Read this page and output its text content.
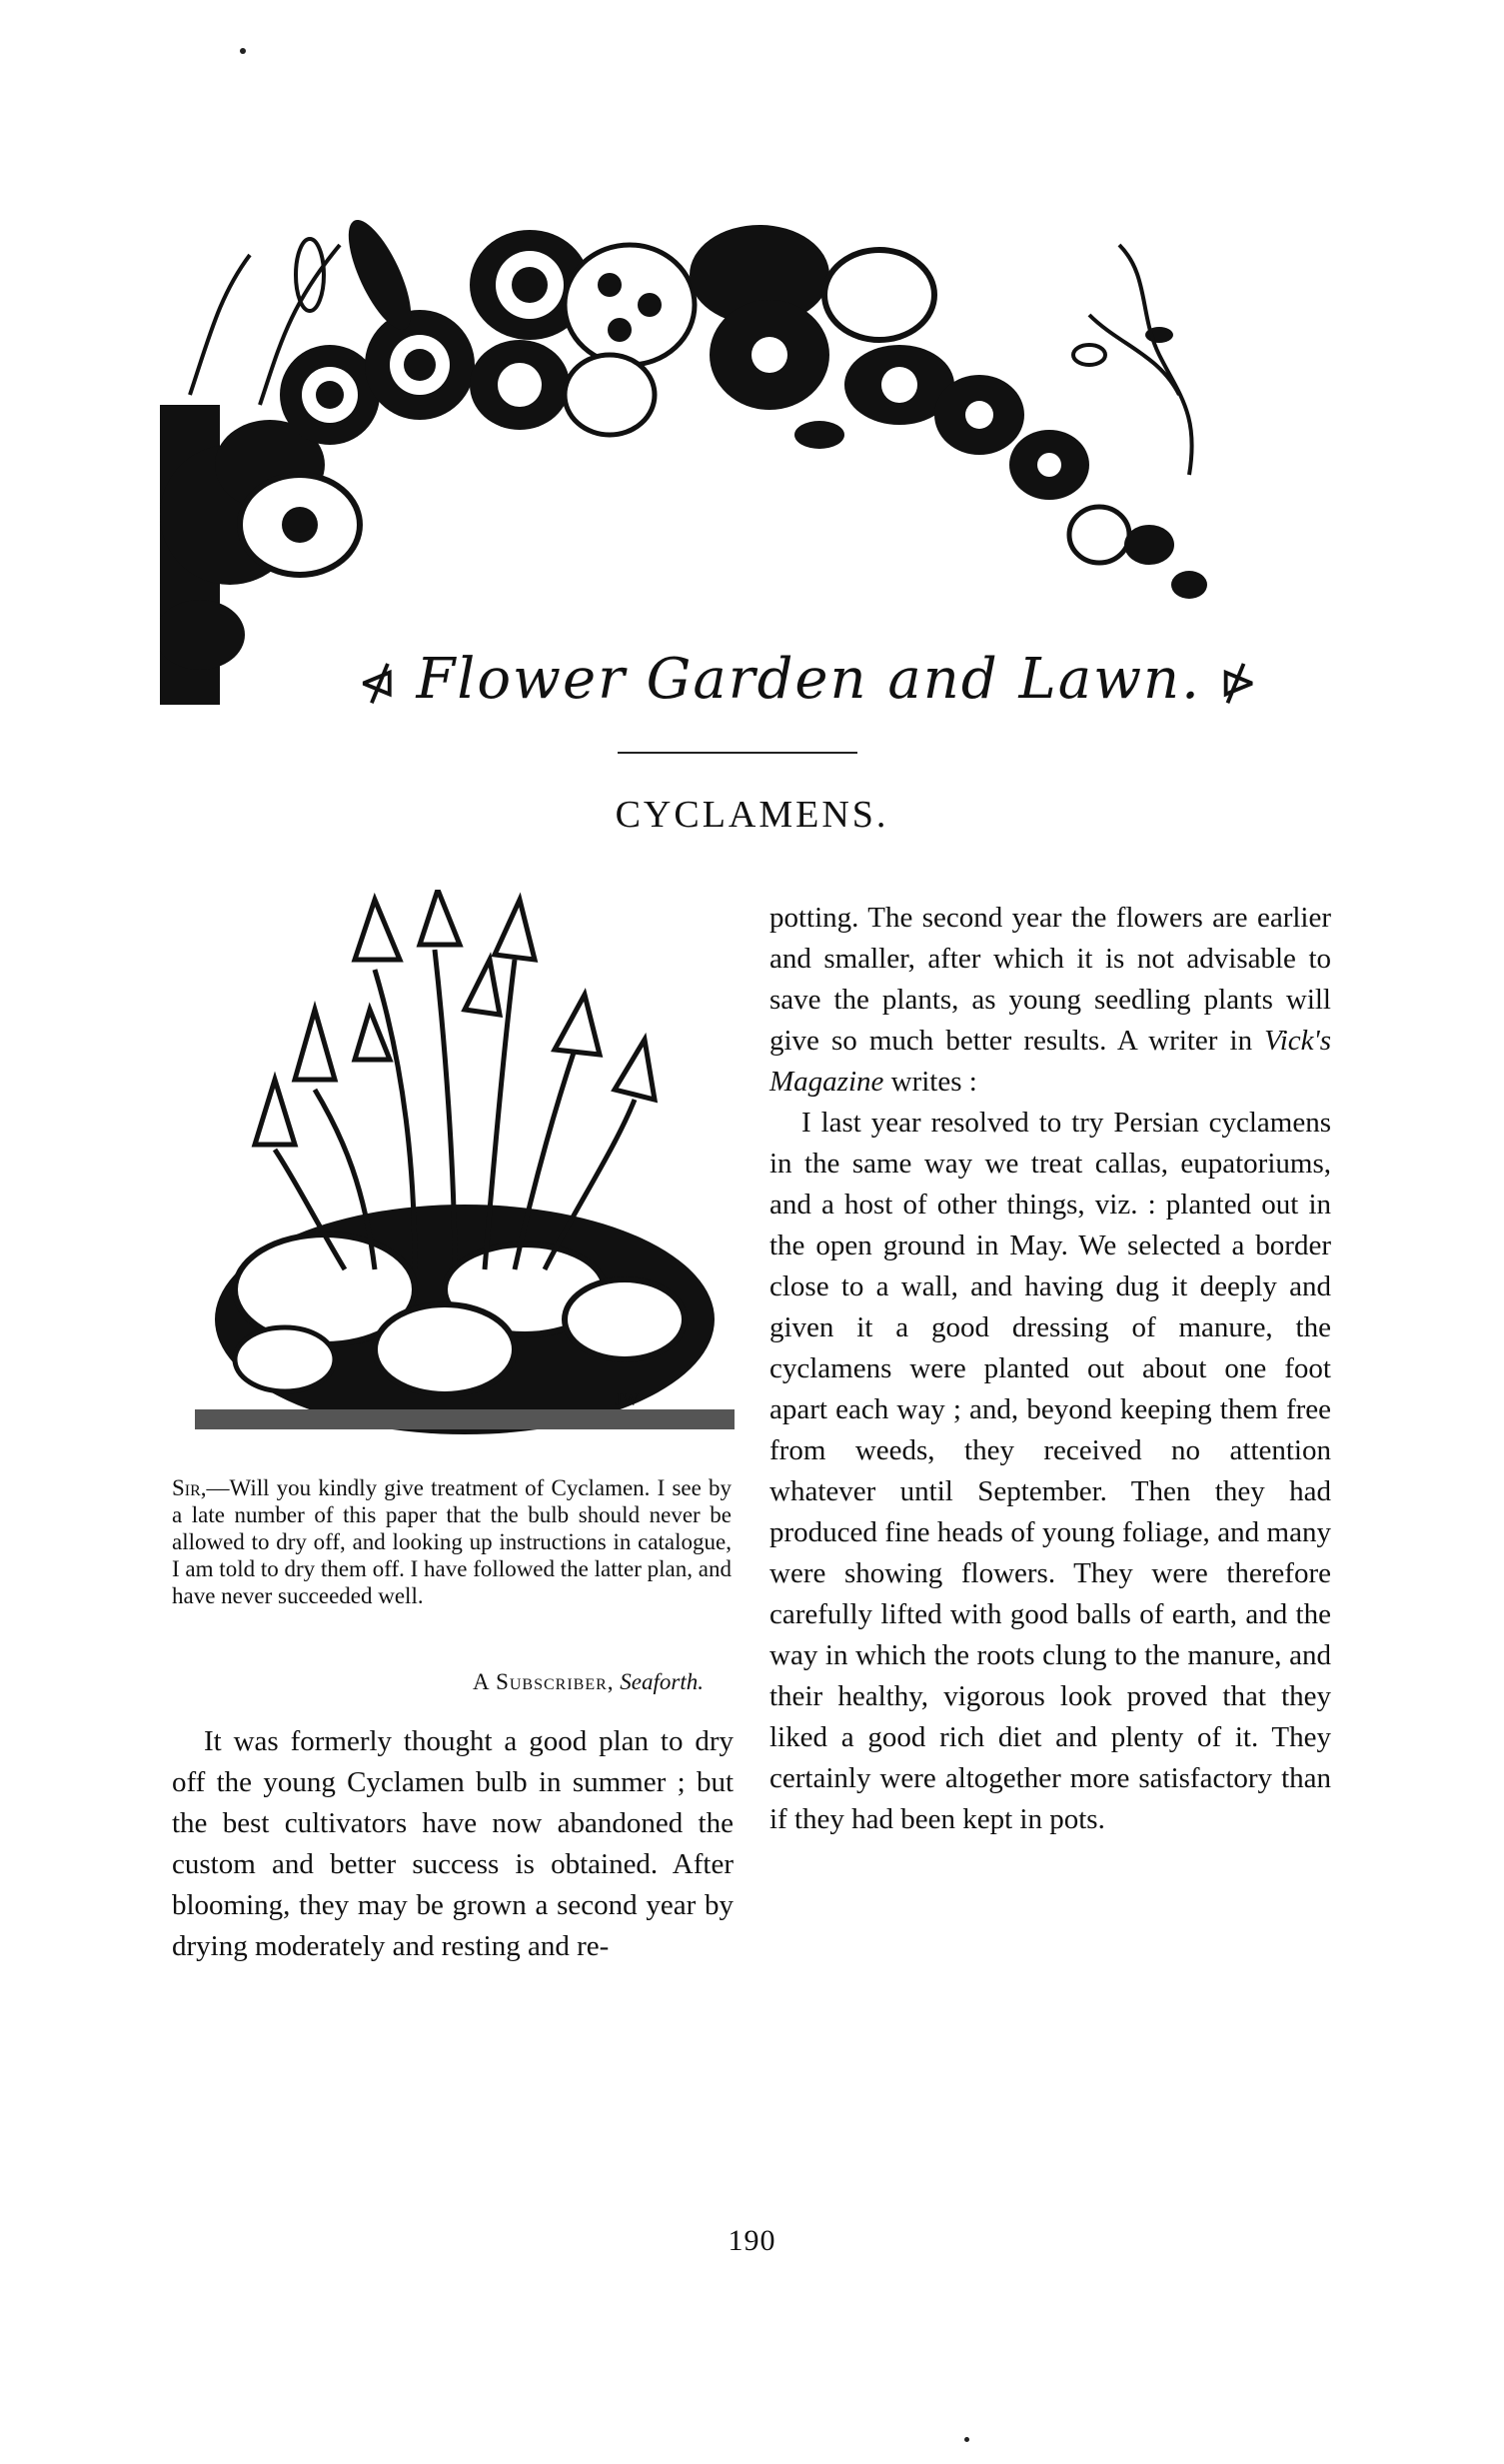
⋪ Flower Garden and Lawn. ⋫
CYCLAMENS.
JW
Sir,—Will you kindly give treatment of Cyclamen. I see by a late number of this paper that the bulb should never be allowed to dry off, and looking up instructions in catalogue, I am told to dry them off. I have followed the latter plan, and have never succeeded well.
A Subscriber, Seaforth.

It was formerly thought a good plan to dry off the young Cyclamen bulb in summer ; but the best cultivators have now abandoned the custom and better success is obtained. After blooming, they may be grown a second year by drying moderately and resting and re-

potting. The second year the flowers are earlier and smaller, after which it is not advisable to save the plants, as young seedling plants will give so much better results. A writer in Vick's Magazine writes :

I last year resolved to try Persian cyclamens in the same way we treat callas, eupatoriums, and a host of other things, viz. : planted out in the open ground in May. We selected a border close to a wall, and having dug it deeply and given it a good dressing of manure, the cyclamens were planted out about one foot apart each way ; and, beyond keeping them free from weeds, they received no attention whatever until September. Then they had produced fine heads of young foliage, and many were showing flowers. They were therefore carefully lifted with good balls of earth, and the way in which the roots clung to the manure, and their healthy, vigorous look proved that they liked a good rich diet and plenty of it. They certainly were altogether more satisfactory than if they had been kept in pots.

190
